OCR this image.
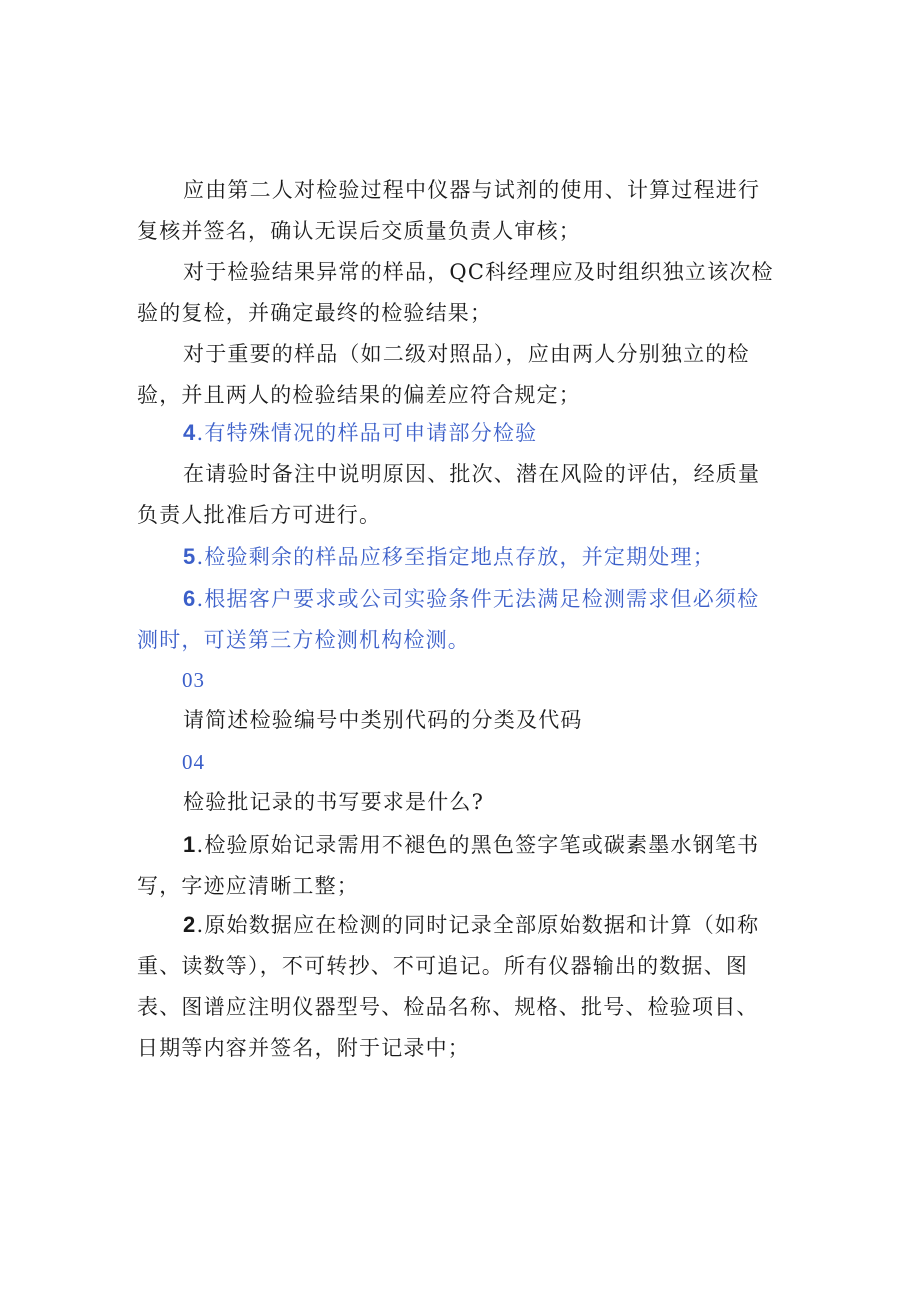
应由第二人对检验过程中仪器与试剂的使用、计算过程进行复核并签名，确认无误后交质量负责人审核；

对于检验结果异常的样品，QC科经理应及时组织独立该次检验的复检，并确定最终的检验结果；

对于重要的样品（如二级对照品），应由两人分别独立的检验，并且两人的检验结果的偏差应符合规定；

4.有特殊情况的样品可申请部分检验

在请验时备注中说明原因、批次、潜在风险的评估，经质量负责人批准后方可进行。

5.检验剩余的样品应移至指定地点存放，并定期处理；

6.根据客户要求或公司实验条件无法满足检测需求但必须检测时，可送第三方检测机构检测。

03

请简述检验编号中类别代码的分类及代码

04

检验批记录的书写要求是什么?

1.检验原始记录需用不褪色的黑色签字笔或碳素墨水钢笔书写，字迹应清晰工整；

2.原始数据应在检测的同时记录全部原始数据和计算（如称重、读数等），不可转抄、不可追记。所有仪器输出的数据、图表、图谱应注明仪器型号、检品名称、规格、批号、检验项目、日期等内容并签名，附于记录中；
